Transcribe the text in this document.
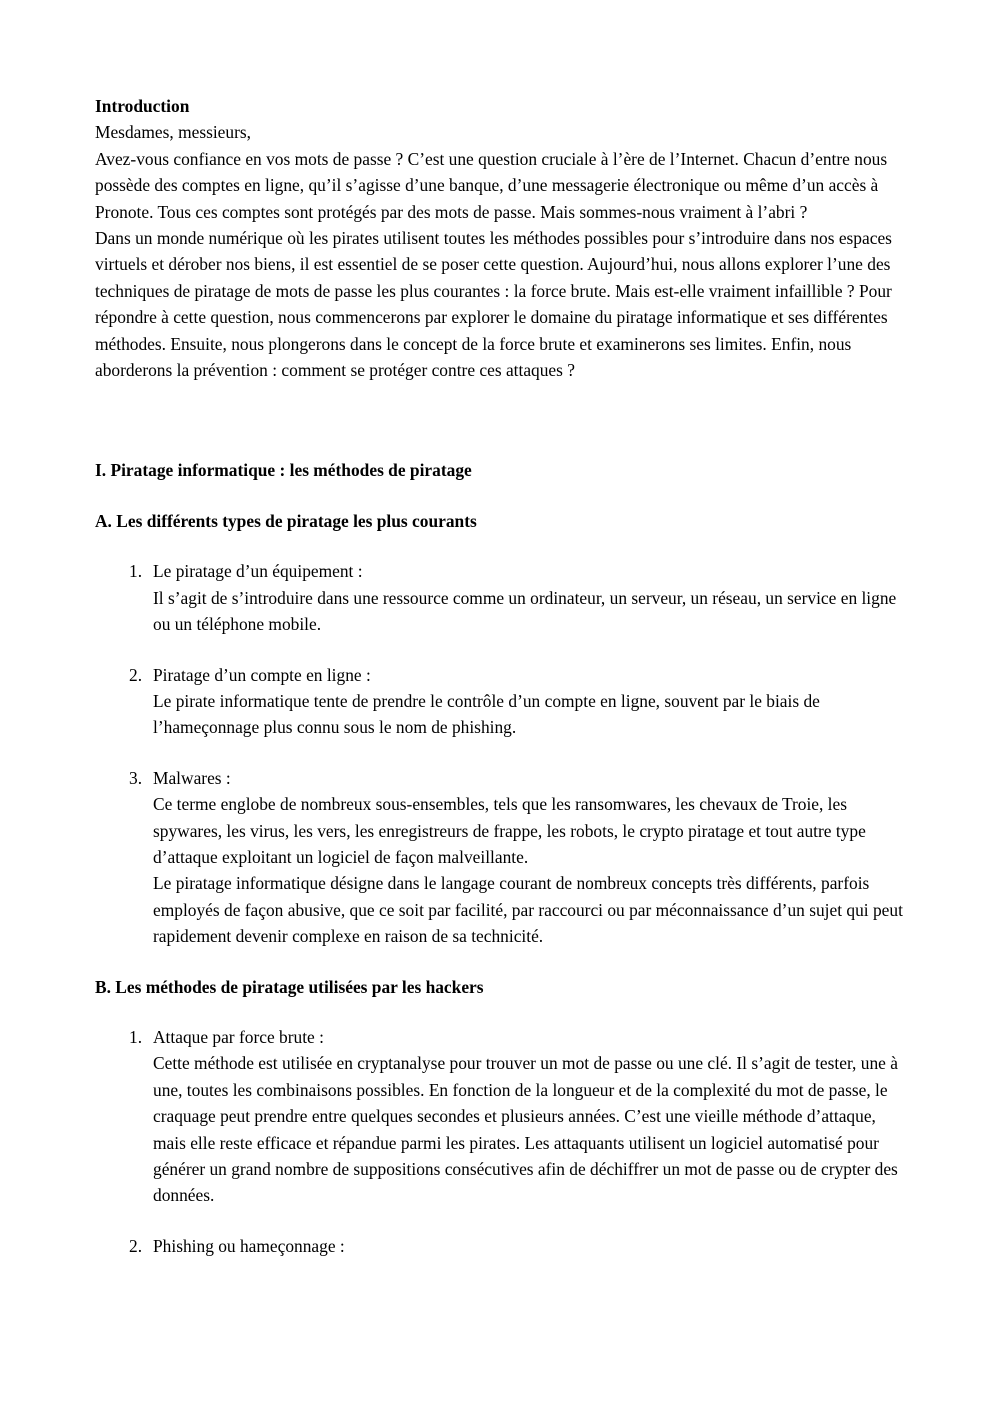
Introduction

Mesdames, messieurs,

Avez-vous confiance en vos mots de passe ? C’est une question cruciale à l’ère de l’Internet. Chacun d’entre nous possède des comptes en ligne, qu’il s’agisse d’une banque, d’une messagerie électronique ou même d’un accès à Pronote. Tous ces comptes sont protégés par des mots de passe. Mais sommes-nous vraiment à l’abri ?

Dans un monde numérique où les pirates utilisent toutes les méthodes possibles pour s’introduire dans nos espaces virtuels et dérober nos biens, il est essentiel de se poser cette question. Aujourd’hui, nous allons explorer l’une des techniques de piratage de mots de passe les plus courantes : la force brute. Mais est-elle vraiment infaillible ? Pour répondre à cette question, nous commencerons par explorer le domaine du piratage informatique et ses différentes méthodes. Ensuite, nous plongerons dans le concept de la force brute et examinerons ses limites. Enfin, nous aborderons la prévention : comment se protéger contre ces attaques ?

I. Piratage informatique : les méthodes de piratage

A. Les différents types de piratage les plus courants

1. Le piratage d’un équipement :

Il s’agit de s’introduire dans une ressource comme un ordinateur, un serveur, un réseau, un service en ligne ou un téléphone mobile.

2. Piratage d’un compte en ligne :

Le pirate informatique tente de prendre le contrôle d’un compte en ligne, souvent par le biais de l’hameçonnage plus connu sous le nom de phishing.

3. Malwares :

Ce terme englobe de nombreux sous-ensembles, tels que les ransomwares, les chevaux de Troie, les spywares, les virus, les vers, les enregistreurs de frappe, les robots, le crypto piratage et tout autre type d’attaque exploitant un logiciel de façon malveillante.

Le piratage informatique désigne dans le langage courant de nombreux concepts très différents, parfois employés de façon abusive, que ce soit par facilité, par raccourci ou par méconnaissance d’un sujet qui peut rapidement devenir complexe en raison de sa technicité.

B. Les méthodes de piratage utilisées par les hackers

1. Attaque par force brute :

Cette méthode est utilisée en cryptanalyse pour trouver un mot de passe ou une clé. Il s’agit de tester, une à une, toutes les combinaisons possibles. En fonction de la longueur et de la complexité du mot de passe, le craquage peut prendre entre quelques secondes et plusieurs années. C’est une vieille méthode d’attaque, mais elle reste efficace et répandue parmi les pirates. Les attaquants utilisent un logiciel automatisé pour générer un grand nombre de suppositions consécutives afin de déchiffrer un mot de passe ou de crypter des données.

2. Phishing ou hameçonnage :
